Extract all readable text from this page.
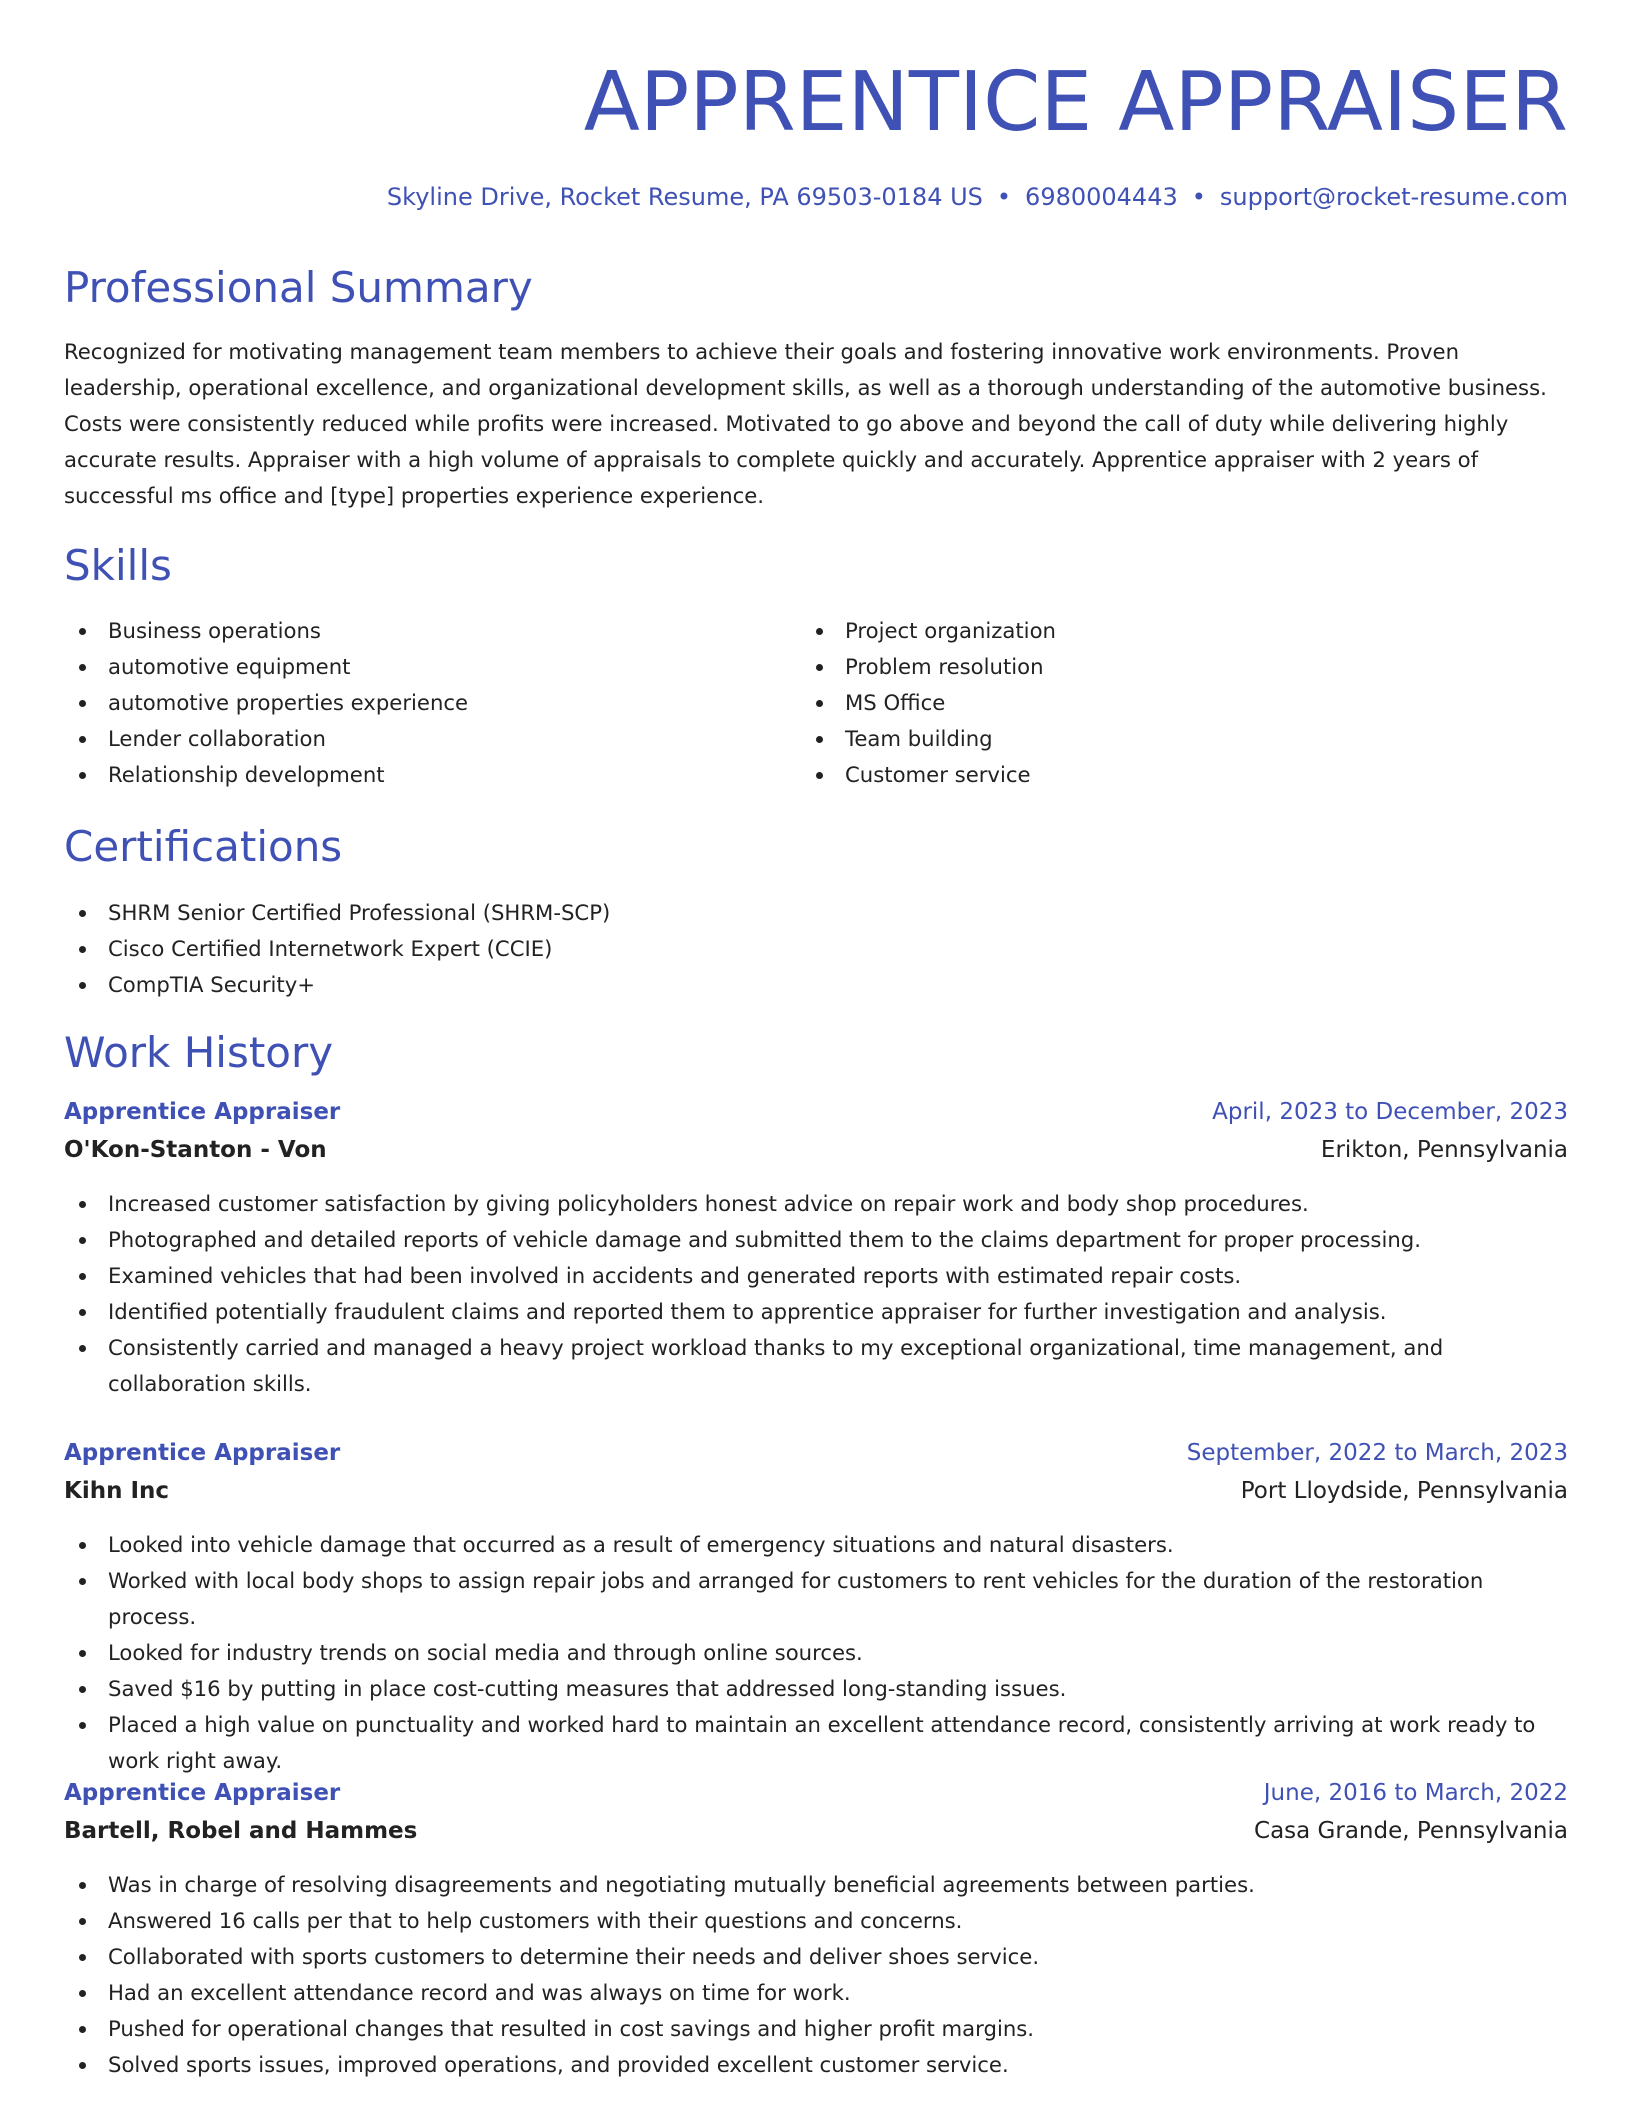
APPRENTICE APPRAISER
Skyline Drive, Rocket Resume, PA 69503-0184 US • 6980004443 • support@rocket-resume.com
Professional Summary
Recognized for motivating management team members to achieve their goals and fostering innovative work environments. Proven leadership, operational excellence, and organizational development skills, as well as a thorough understanding of the automotive business. Costs were consistently reduced while profits were increased. Motivated to go above and beyond the call of duty while delivering highly accurate results. Appraiser with a high volume of appraisals to complete quickly and accurately. Apprentice appraiser with 2 years of successful ms office and [type] properties experience experience.
Skills
Business operations
automotive equipment
automotive properties experience
Lender collaboration
Relationship development
Project organization
Problem resolution
MS Office
Team building
Customer service
Certifications
SHRM Senior Certified Professional (SHRM-SCP)
Cisco Certified Internetwork Expert (CCIE)
CompTIA Security+
Work History
Apprentice Appraiser	April, 2023 to December, 2023
O'Kon-Stanton - Von	Erikton, Pennsylvania
Increased customer satisfaction by giving policyholders honest advice on repair work and body shop procedures.
Photographed and detailed reports of vehicle damage and submitted them to the claims department for proper processing.
Examined vehicles that had been involved in accidents and generated reports with estimated repair costs.
Identified potentially fraudulent claims and reported them to apprentice appraiser for further investigation and analysis.
Consistently carried and managed a heavy project workload thanks to my exceptional organizational, time management, and collaboration skills.
Apprentice Appraiser	September, 2022 to March, 2023
Kihn Inc	Port Lloydside, Pennsylvania
Looked into vehicle damage that occurred as a result of emergency situations and natural disasters.
Worked with local body shops to assign repair jobs and arranged for customers to rent vehicles for the duration of the restoration process.
Looked for industry trends on social media and through online sources.
Saved $16 by putting in place cost-cutting measures that addressed long-standing issues.
Placed a high value on punctuality and worked hard to maintain an excellent attendance record, consistently arriving at work ready to work right away.
Apprentice Appraiser	June, 2016 to March, 2022
Bartell, Robel and Hammes	Casa Grande, Pennsylvania
Was in charge of resolving disagreements and negotiating mutually beneficial agreements between parties.
Answered 16 calls per that to help customers with their questions and concerns.
Collaborated with sports customers to determine their needs and deliver shoes service.
Had an excellent attendance record and was always on time for work.
Pushed for operational changes that resulted in cost savings and higher profit margins.
Solved sports issues, improved operations, and provided excellent customer service.
